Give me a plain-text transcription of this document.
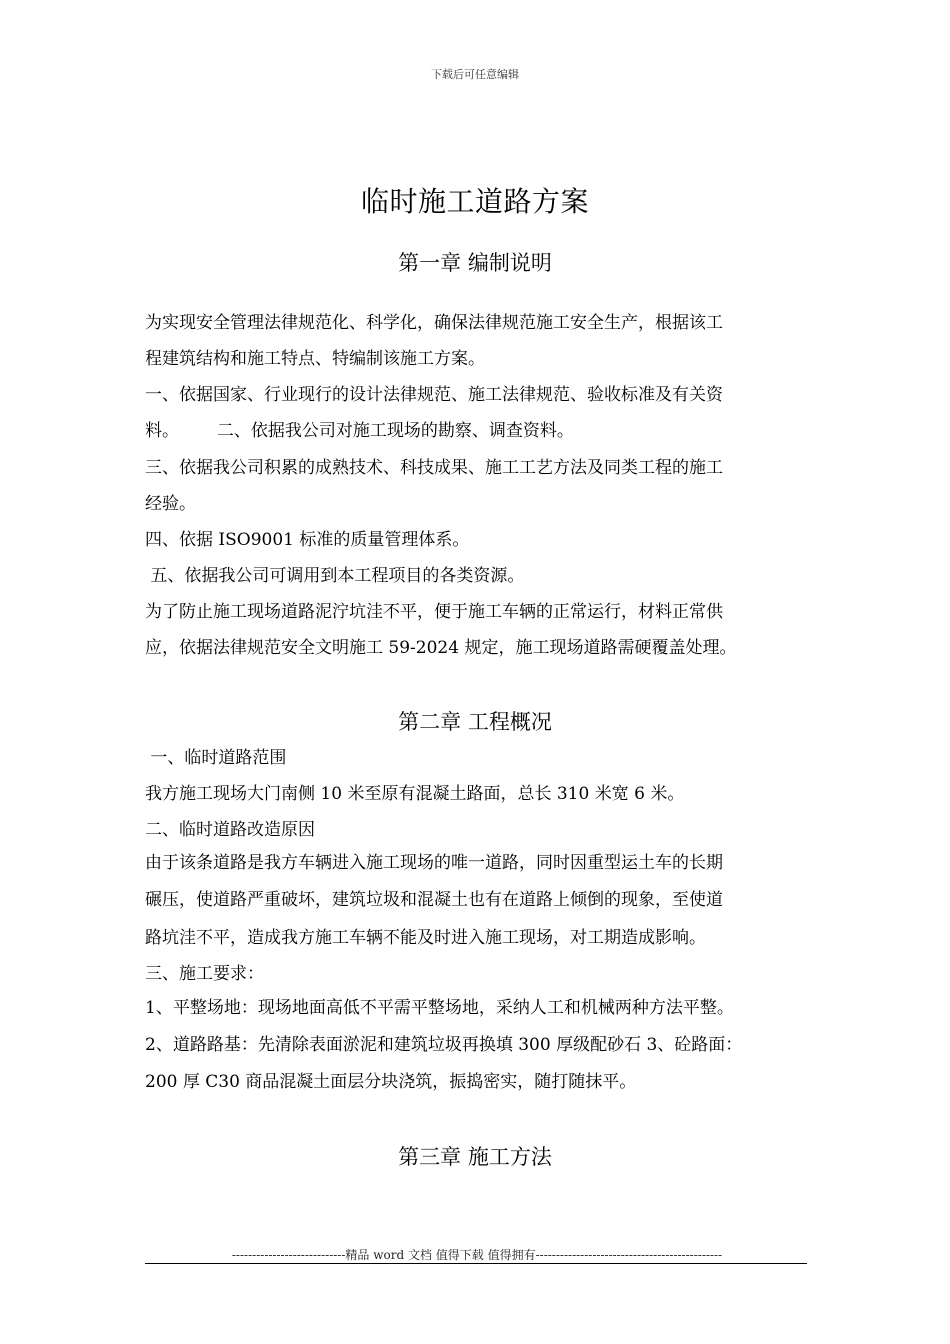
下载后可任意编辑
临时施工道路方案
第一章 编制说明
为实现安全管理法律规范化、科学化，确保法律规范施工安全生产，根据该工
程建筑结构和施工特点、特编制该施工方案。
一、依据国家、行业现行的设计法律规范、施工法律规范、验收标准及有关资
料。       二、依据我公司对施工现场的勘察、调查资料。
三、依据我公司积累的成熟技术、科技成果、施工工艺方法及同类工程的施工
经验。
四、依据 ISO9001 标准的质量管理体系。
五、依据我公司可调用到本工程项目的各类资源。
为了防止施工现场道路泥泞坑洼不平，便于施工车辆的正常运行，材料正常供
应，依据法律规范安全文明施工 59-2024 规定，施工现场道路需硬覆盖处理。
第二章 工程概况
一、临时道路范围
我方施工现场大门南侧 10 米至原有混凝土路面，总长 310 米宽 6 米。
二、临时道路改造原因
由于该条道路是我方车辆进入施工现场的唯一道路，同时因重型运土车的长期
碾压，使道路严重破坏，建筑垃圾和混凝土也有在道路上倾倒的现象，至使道
路坑洼不平，造成我方施工车辆不能及时进入施工现场，对工期造成影响。
三、施工要求：
1、平整场地：现场地面高低不平需平整场地，采纳人工和机械两种方法平整。
2、道路路基：先清除表面淤泥和建筑垃圾再换填 300 厚级配砂石 3、砼路面：
200 厚 C30 商品混凝土面层分块浇筑，振捣密实，随打随抹平。
第三章 施工方法
----------------------------精品 word 文档 值得下载 值得拥有----------------------------------------------
